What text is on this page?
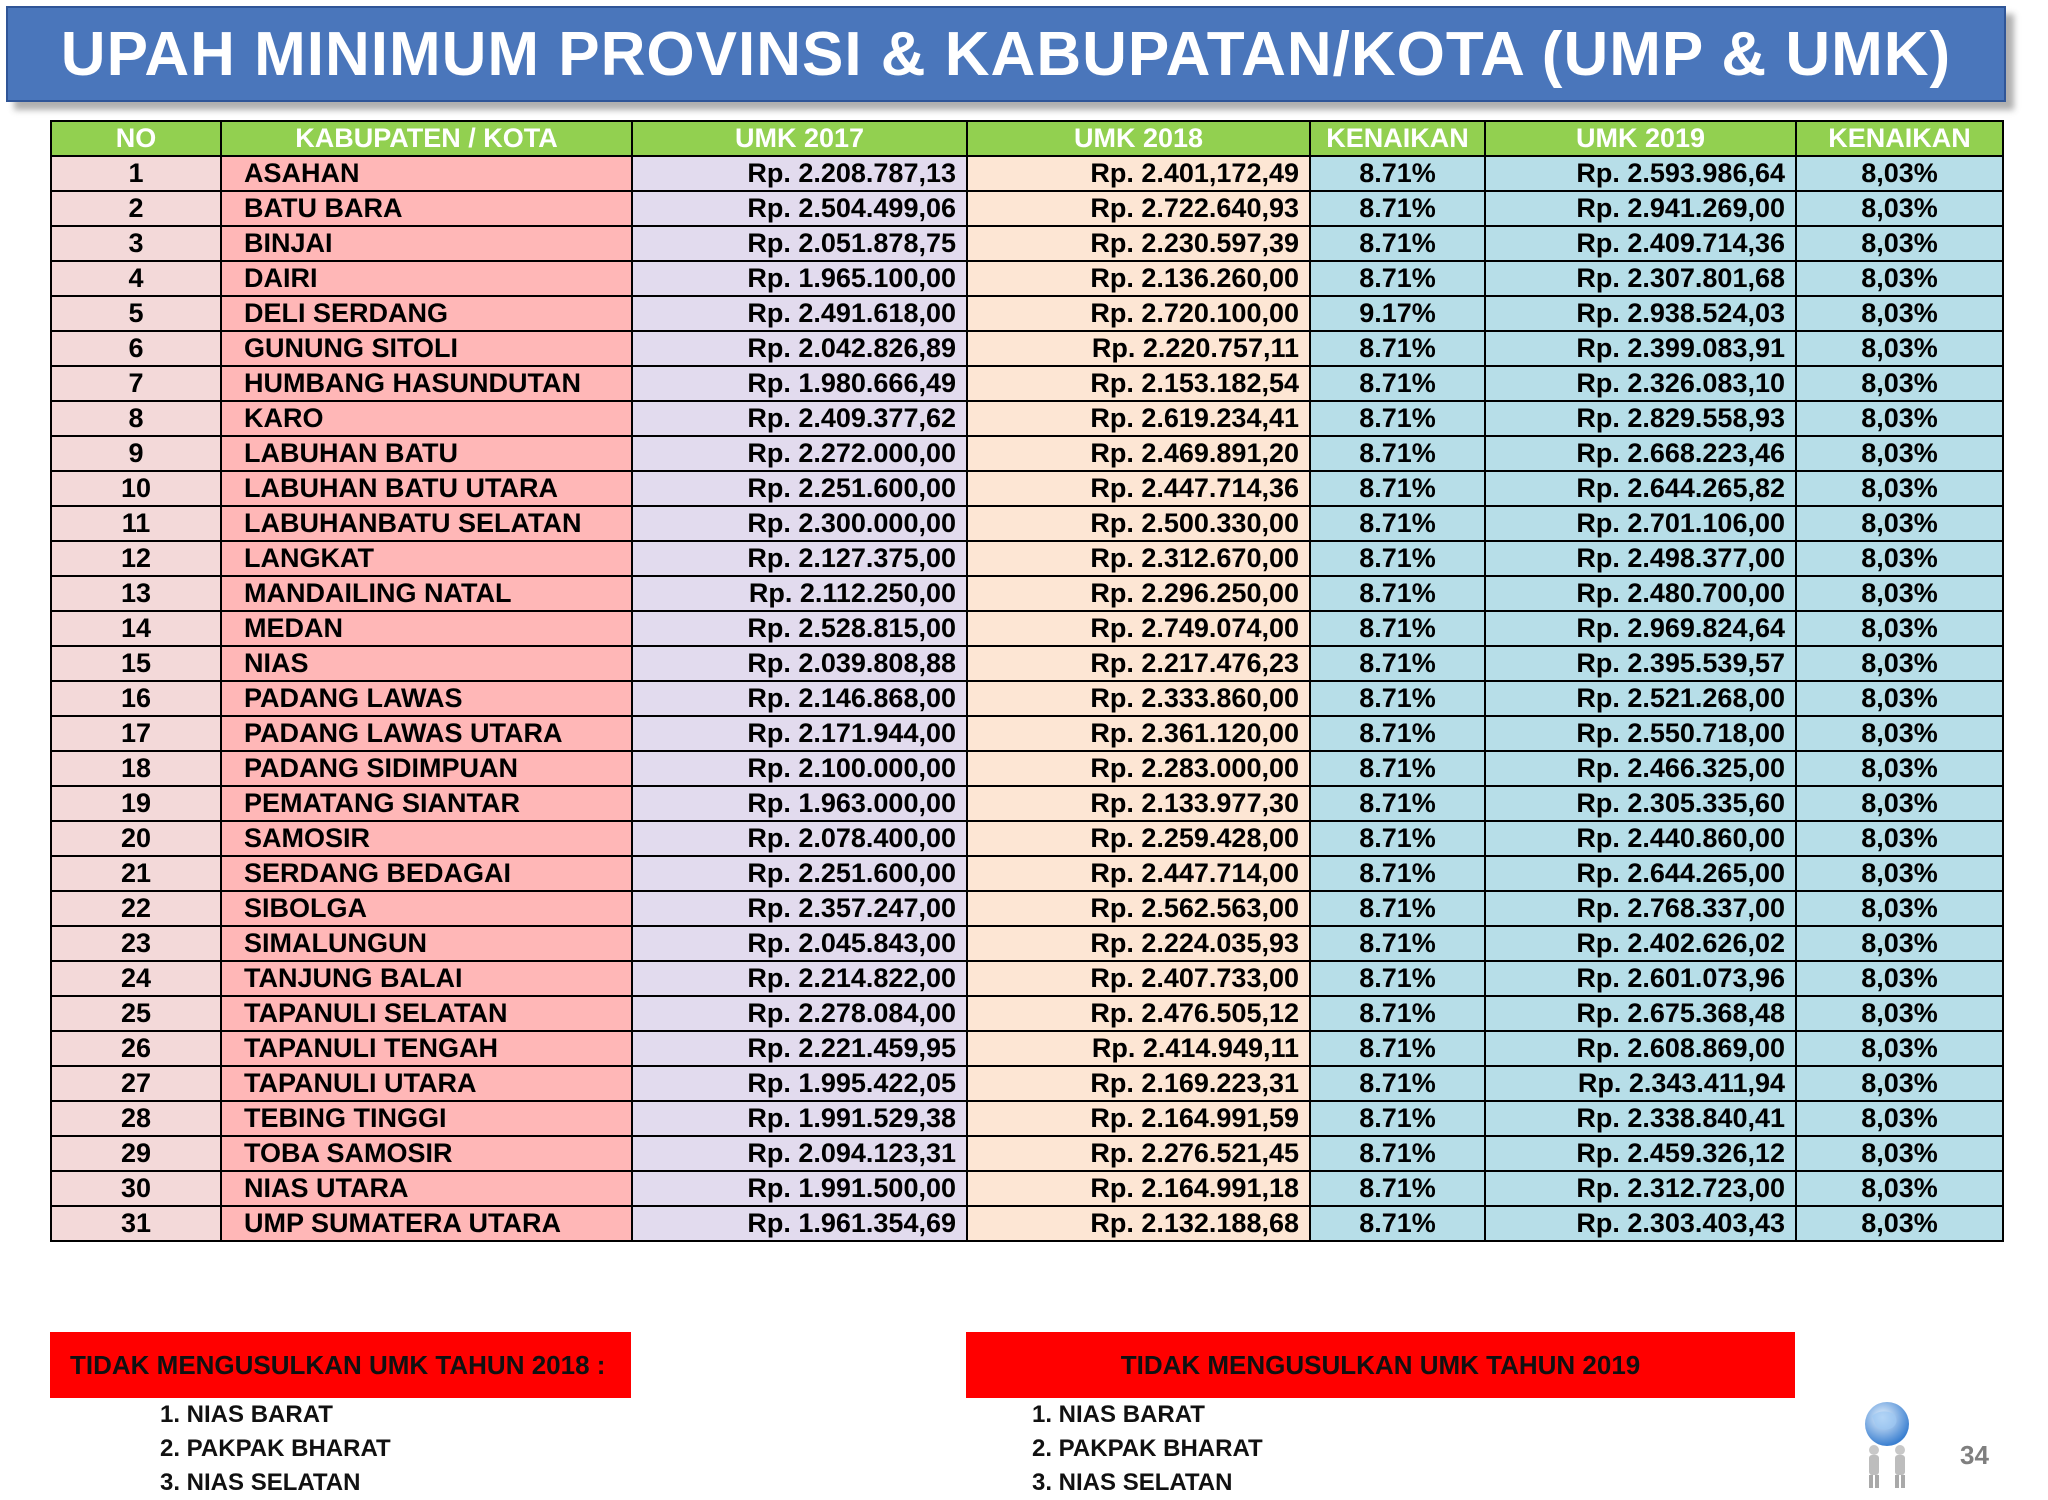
UPAH MINIMUM PROVINSI & KABUPATAN/KOTA (UMP & UMK)
NO	KABUPATEN / KOTA	UMK 2017	UMK 2018	KENAIKAN	UMK 2019	KENAIKAN
1	ASAHAN	Rp. 2.208.787,13	Rp. 2.401,172,49	8.71%	Rp. 2.593.986,64	8,03%
2	BATU BARA	Rp. 2.504.499,06	Rp. 2.722.640,93	8.71%	Rp. 2.941.269,00	8,03%
3	BINJAI	Rp. 2.051.878,75	Rp. 2.230.597,39	8.71%	Rp. 2.409.714,36	8,03%
4	DAIRI	Rp. 1.965.100,00	Rp. 2.136.260,00	8.71%	Rp. 2.307.801,68	8,03%
5	DELI SERDANG	Rp. 2.491.618,00	Rp. 2.720.100,00	9.17%	Rp. 2.938.524,03	8,03%
6	GUNUNG SITOLI	Rp. 2.042.826,89	Rp. 2.220.757,11	8.71%	Rp. 2.399.083,91	8,03%
7	HUMBANG HASUNDUTAN	Rp. 1.980.666,49	Rp. 2.153.182,54	8.71%	Rp. 2.326.083,10	8,03%
8	KARO	Rp. 2.409.377,62	Rp. 2.619.234,41	8.71%	Rp. 2.829.558,93	8,03%
9	LABUHAN BATU	Rp. 2.272.000,00	Rp. 2.469.891,20	8.71%	Rp. 2.668.223,46	8,03%
10	LABUHAN BATU UTARA	Rp. 2.251.600,00	Rp. 2.447.714,36	8.71%	Rp. 2.644.265,82	8,03%
11	LABUHANBATU SELATAN	Rp. 2.300.000,00	Rp. 2.500.330,00	8.71%	Rp. 2.701.106,00	8,03%
12	LANGKAT	Rp. 2.127.375,00	Rp. 2.312.670,00	8.71%	Rp. 2.498.377,00	8,03%
13	MANDAILING NATAL	Rp. 2.112.250,00	Rp. 2.296.250,00	8.71%	Rp. 2.480.700,00	8,03%
14	MEDAN	Rp. 2.528.815,00	Rp. 2.749.074,00	8.71%	Rp. 2.969.824,64	8,03%
15	NIAS	Rp. 2.039.808,88	Rp. 2.217.476,23	8.71%	Rp. 2.395.539,57	8,03%
16	PADANG LAWAS	Rp. 2.146.868,00	Rp. 2.333.860,00	8.71%	Rp. 2.521.268,00	8,03%
17	PADANG LAWAS UTARA	Rp. 2.171.944,00	Rp. 2.361.120,00	8.71%	Rp. 2.550.718,00	8,03%
18	PADANG SIDIMPUAN	Rp. 2.100.000,00	Rp. 2.283.000,00	8.71%	Rp. 2.466.325,00	8,03%
19	PEMATANG SIANTAR	Rp. 1.963.000,00	Rp. 2.133.977,30	8.71%	Rp. 2.305.335,60	8,03%
20	SAMOSIR	Rp. 2.078.400,00	Rp. 2.259.428,00	8.71%	Rp. 2.440.860,00	8,03%
21	SERDANG BEDAGAI	Rp. 2.251.600,00	Rp. 2.447.714,00	8.71%	Rp. 2.644.265,00	8,03%
22	SIBOLGA	Rp. 2.357.247,00	Rp. 2.562.563,00	8.71%	Rp. 2.768.337,00	8,03%
23	SIMALUNGUN	Rp. 2.045.843,00	Rp. 2.224.035,93	8.71%	Rp. 2.402.626,02	8,03%
24	TANJUNG BALAI	Rp. 2.214.822,00	Rp. 2.407.733,00	8.71%	Rp. 2.601.073,96	8,03%
25	TAPANULI SELATAN	Rp. 2.278.084,00	Rp. 2.476.505,12	8.71%	Rp. 2.675.368,48	8,03%
26	TAPANULI TENGAH	Rp. 2.221.459,95	Rp. 2.414.949,11	8.71%	Rp. 2.608.869,00	8,03%
27	TAPANULI UTARA	Rp. 1.995.422,05	Rp. 2.169.223,31	8.71%	Rp. 2.343.411,94	8,03%
28	TEBING TINGGI	Rp. 1.991.529,38	Rp. 2.164.991,59	8.71%	Rp. 2.338.840,41	8,03%
29	TOBA SAMOSIR	Rp. 2.094.123,31	Rp. 2.276.521,45	8.71%	Rp. 2.459.326,12	8,03%
30	NIAS UTARA	Rp. 1.991.500,00	Rp. 2.164.991,18	8.71%	Rp. 2.312.723,00	8,03%
31	UMP SUMATERA UTARA	Rp. 1.961.354,69	Rp. 2.132.188,68	8.71%	Rp. 2.303.403,43	8,03%
TIDAK MENGUSULKAN UMK TAHUN 2018 :
1. NIAS BARAT
2. PAKPAK BHARAT
3. NIAS SELATAN
TIDAK MENGUSULKAN UMK TAHUN 2019
1. NIAS BARAT
2. PAKPAK BHARAT
3. NIAS SELATAN
34
